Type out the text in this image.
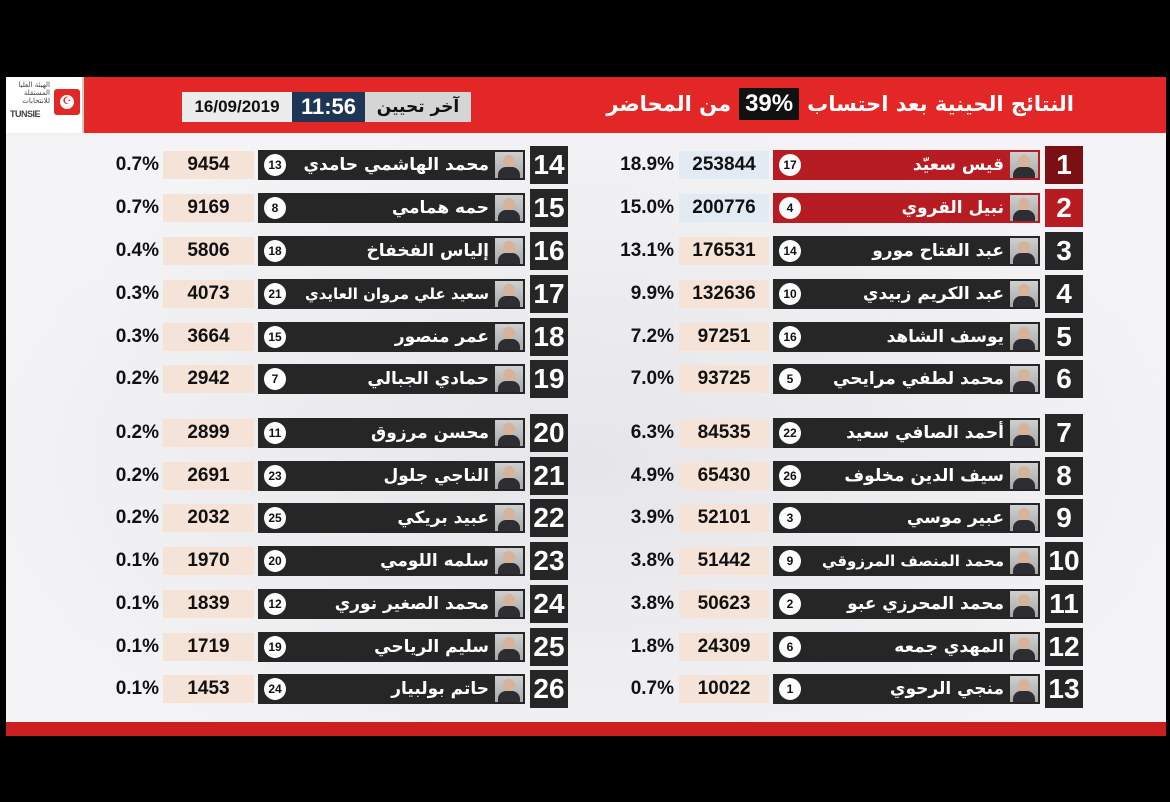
الهيئة العليا المستقلة للانتخابات
TUNSIE
☪	النتائج الحينية بعد احتساب
39%
من المحاضر
16/09/2019 11:56	آخر تحيين
1
قيس سعيّد
17
253844
18.9%
2
نبيل القروي
4
200776
15.0%
3
عبد الفتاح مورو
14
176531
13.1%
4
عبد الكريم زبيدي
10
132636
9.9%
5
يوسف الشاهد
16
97251
7.2%
6
محمد لطفي مرايحي
5
93725
7.0%
7
أحمد الصافي سعيد
22
84535
6.3%
8
سيف الدين مخلوف
26
65430
4.9%
9
عبير موسي
3
52101
3.9%
10
محمد المنصف المرزوقي
9
51442
3.8%
11
محمد المحرزي عبو
2
50623
3.8%
12
المهدي جمعه
6
24309
1.8%
13
منجي الرحوي
1
10022
0.7%
14
محمد الهاشمي حامدي
13
9454
0.7%
15
حمه همامي
8
9169
0.7%
16
إلياس الفخفاخ
18
5806
0.4%
17
سعيد علي مروان العايدي
21
4073
0.3%
18
عمر منصور
15
3664
0.3%
19
حمادي الجبالي
7
2942
0.2%
20
محسن مرزوق
11
2899
0.2%
21
الناجي جلول
23
2691
0.2%
22
عبيد بريكي
25
2032
0.2%
23
سلمه اللومي
20
1970
0.1%
24
محمد الصغير نوري
12
1839
0.1%
25
سليم الرياحي
19
1719
0.1%
26
حاتم بولبيار
24
1453
0.1%
